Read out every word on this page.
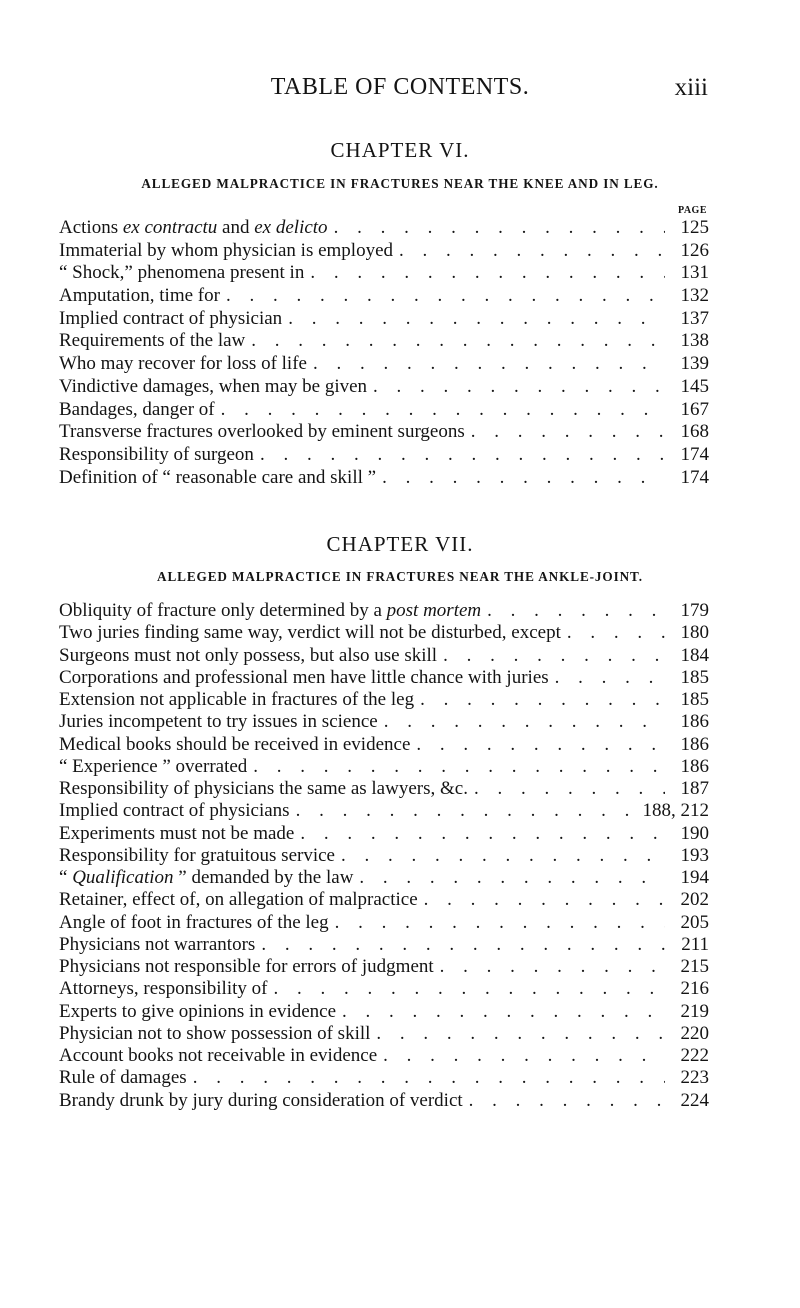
TABLE OF CONTENTS.	xiii
CHAPTER VI.
ALLEGED MALPRACTICE IN FRACTURES NEAR THE KNEE AND IN LEG.
PAGE
Actions ex contractu and ex delicto . . .	125
Immaterial by whom physician is employed . . .	126
“ Shock,” phenomena present in . . .	131
Amputation, time for . . .	132
Implied contract of physician . . .	137
Requirements of the law . . .	138
Who may recover for loss of life . . .	139
Vindictive damages, when may be given . . .	145
Bandages, danger of . . .	167
Transverse fractures overlooked by eminent surgeons . . .	168
Responsibility of surgeon . . .	174
Definition of “ reasonable care and skill ” . . .	174
CHAPTER VII.
ALLEGED MALPRACTICE IN FRACTURES NEAR THE ANKLE-JOINT.
Obliquity of fracture only determined by a post mortem . . .	179
Two juries finding same way, verdict will not be disturbed, except . . .	180
Surgeons must not only possess, but also use skill . . .	184
Corporations and professional men have little chance with juries . . .	185
Extension not applicable in fractures of the leg . . .	185
Juries incompetent to try issues in science . . .	186
Medical books should be received in evidence . . .	186
“ Experience ” overrated . . .	186
Responsibility of physicians the same as lawyers, &c. . . .	187
Implied contract of physicians . . .	188, 212
Experiments must not be made . . .	190
Responsibility for gratuitous service . . .	193
“ Qualification ” demanded by the law . . .	194
Retainer, effect of, on allegation of malpractice . . .	202
Angle of foot in fractures of the leg . . .	205
Physicians not warrantors . . .	211
Physicians not responsible for errors of judgment . . .	215
Attorneys, responsibility of . . .	216
Experts to give opinions in evidence . . .	219
Physician not to show possession of skill . . .	220
Account books not receivable in evidence . . .	222
Rule of damages . . .	223
Brandy drunk by jury during consideration of verdict . . .	224
